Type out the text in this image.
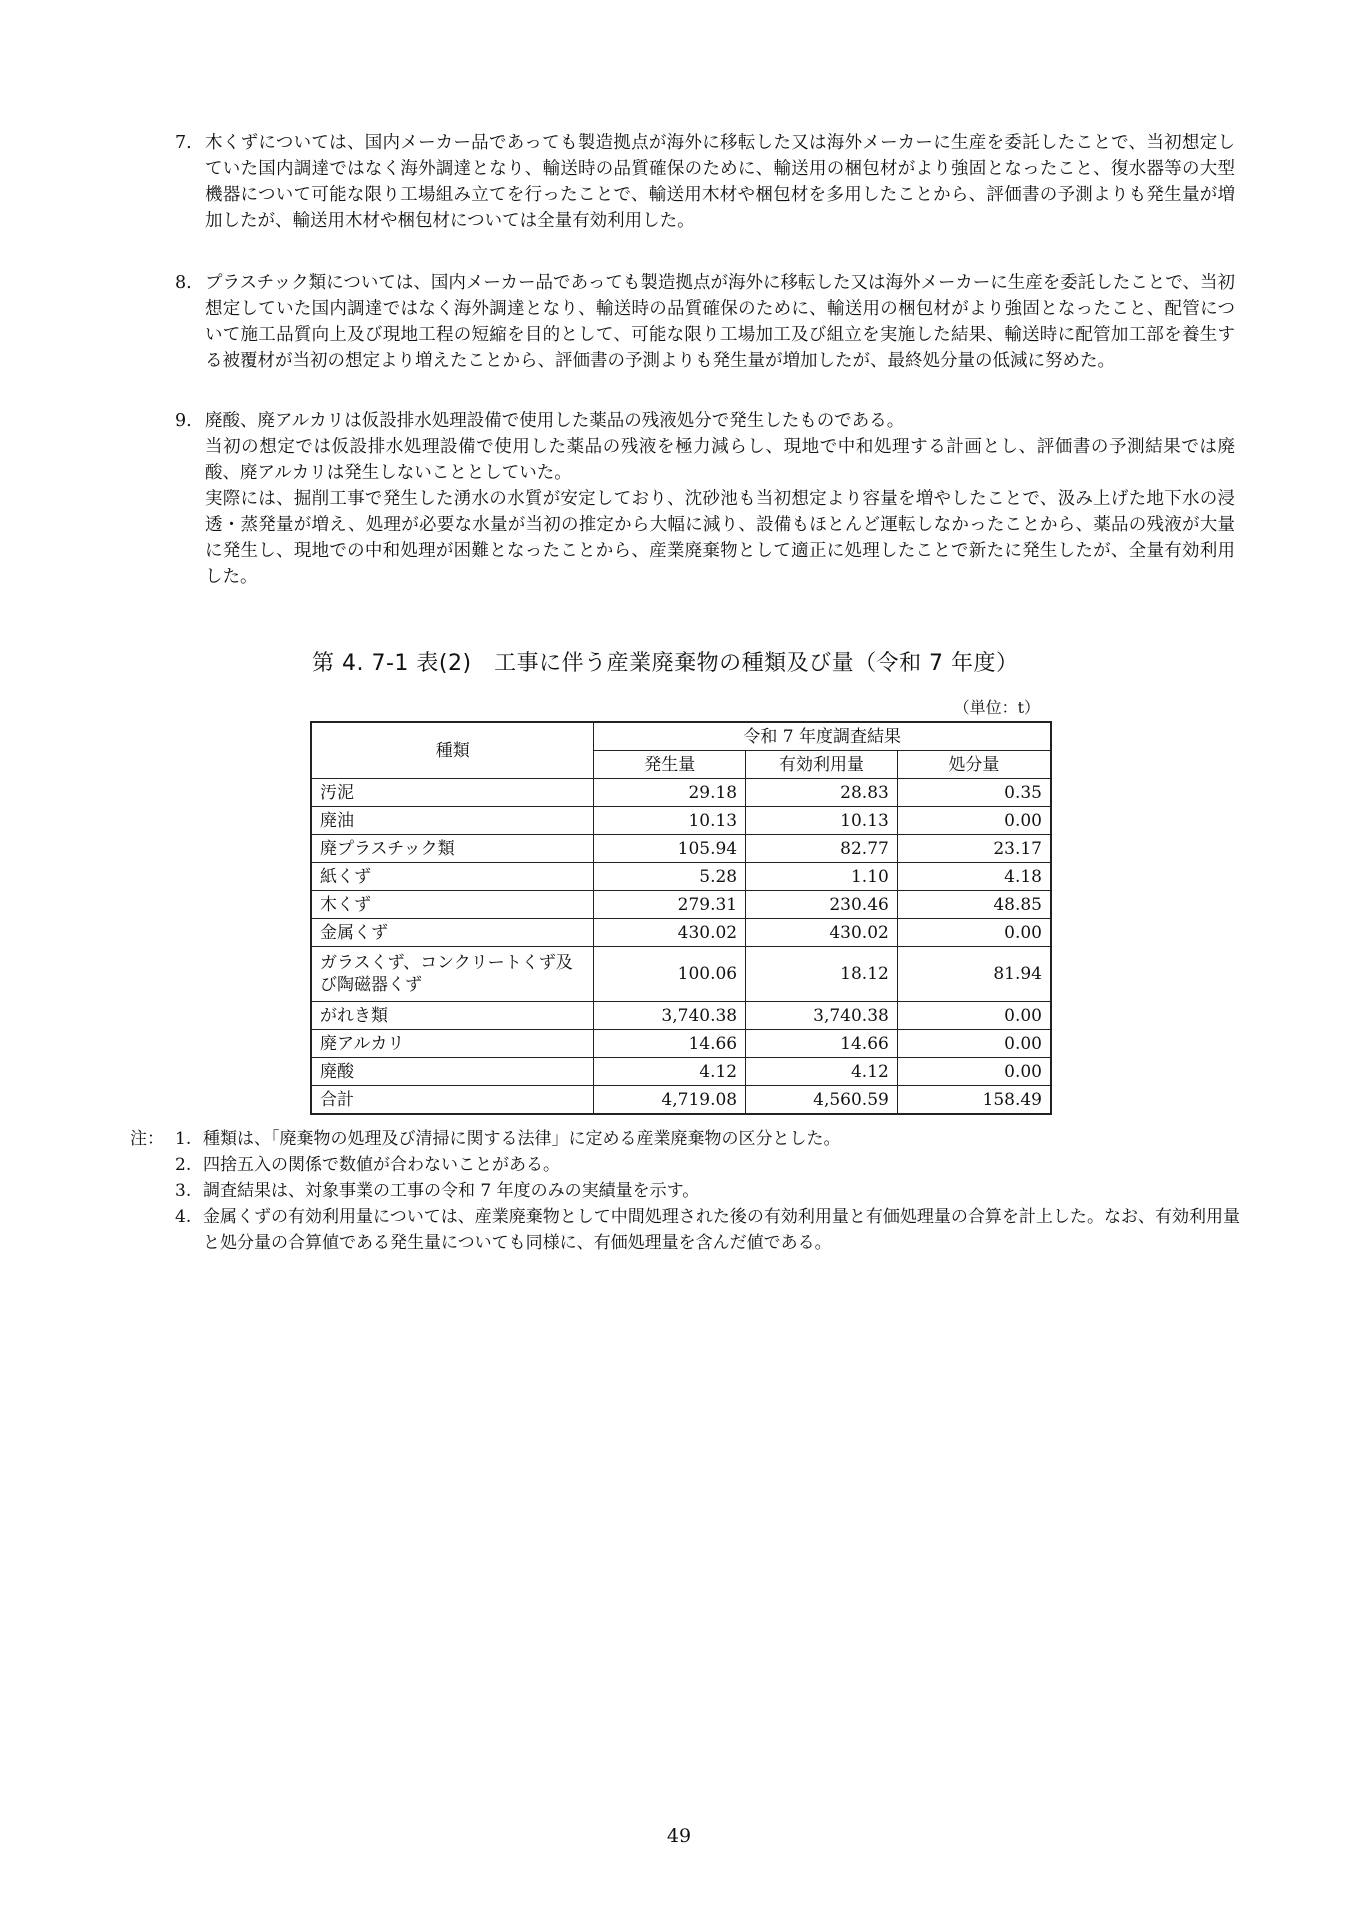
7. 木くずについては、国内メーカー品であっても製造拠点が海外に移転した又は海外メーカーに生産を委託したことで、当初想定していた国内調達ではなく海外調達となり、輸送時の品質確保のために、輸送用の梱包材がより強固となったこと、復水器等の大型機器について可能な限り工場組み立てを行ったことで、輸送用木材や梱包材を多用したことから、評価書の予測よりも発生量が増加したが、輸送用木材や梱包材については全量有効利用した。
8. プラスチック類については、国内メーカー品であっても製造拠点が海外に移転した又は海外メーカーに生産を委託したことで、当初想定していた国内調達ではなく海外調達となり、輸送時の品質確保のために、輸送用の梱包材がより強固となったこと、配管について施工品質向上及び現地工程の短縮を目的として、可能な限り工場加工及び組立を実施した結果、輸送時に配管加工部を養生する被覆材が当初の想定より増えたことから、評価書の予測よりも発生量が増加したが、最終処分量の低減に努めた。
9. 廃酸、廃アルカリは仮設排水処理設備で使用した薬品の残液処分で発生したものである。

当初の想定では仮設排水処理設備で使用した薬品の残液を極力減らし、現地で中和処理する計画とし、評価書の予測結果では廃酸、廃アルカリは発生しないこととしていた。

実際には、掘削工事で発生した湧水の水質が安定しており、沈砂池も当初想定より容量を増やしたことで、汲み上げた地下水の浸透・蒸発量が増え、処理が必要な水量が当初の推定から大幅に減り、設備もほとんど運転しなかったことから、薬品の残液が大量に発生し、現地での中和処理が困難となったことから、産業廃棄物として適正に処理したことで新たに発生したが、全量有効利用した。

第 4. 7-1 表(2)　工事に伴う産業廃棄物の種類及び量（令和 7 年度）
（単位：t）
種類	令和 7 年度調査結果		
	発生量	有効利用量	処分量
汚泥	29.18	28.83	0.35
廃油	10.13	10.13	0.00
廃プラスチック類	105.94	82.77	23.17
紙くず	5.28	1.10	4.18
木くず	279.31	230.46	48.85
金属くず	430.02	430.02	0.00
ガラスくず、コンクリートくず及び陶磁器くず	100.06	18.12	81.94
がれき類	3,740.38	3,740.38	0.00
廃アルカリ	14.66	14.66	0.00
廃酸	4.12	4.12	0.00
合計	4,719.08	4,560.59	158.49
注： 1. 種類は、「廃棄物の処理及び清掃に関する法律」に定める産業廃棄物の区分とした。
2. 四捨五入の関係で数値が合わないことがある。
3. 調査結果は、対象事業の工事の令和 7 年度のみの実績量を示す。
4. 金属くずの有効利用量については、産業廃棄物として中間処理された後の有効利用量と有価処理量の合算を計上した。なお、有効利用量と処分量の合算値である発生量についても同様に、有価処理量を含んだ値である。
49
